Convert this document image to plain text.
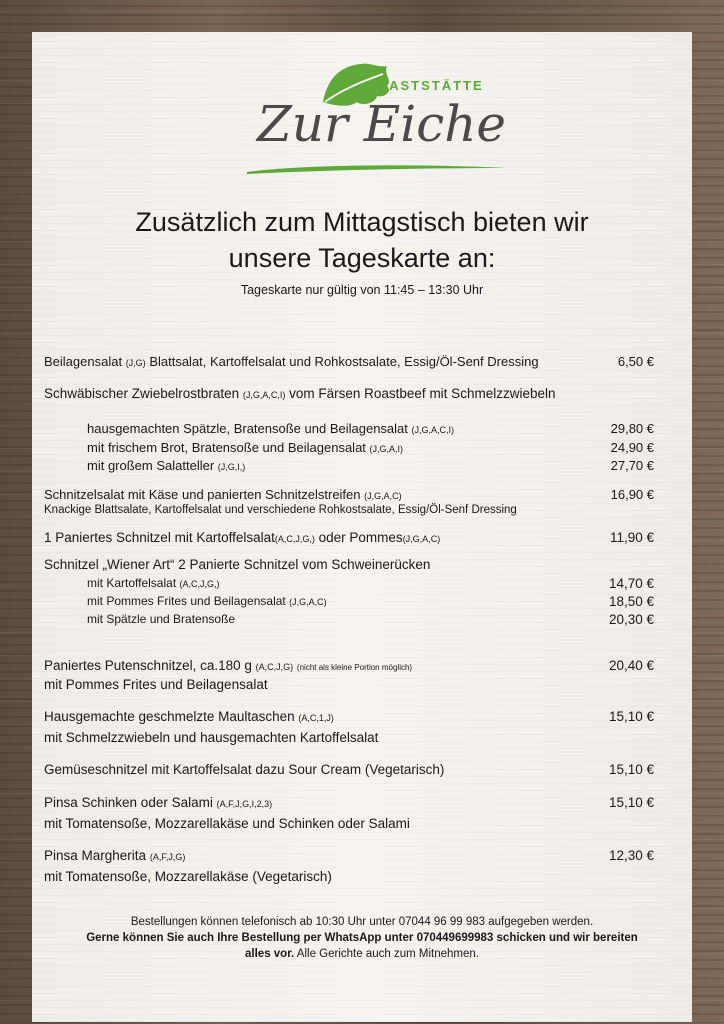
GASTSTÄTTE
Zur Eiche
Zusätzlich zum Mittagstisch bieten wir
unsere Tageskarte an:
Tageskarte nur gültig von 11:45 – 13:30 Uhr
Beilagensalat (J,G) Blattsalat, Kartoffelsalat und Rohkostsalate, Essig/Öl-Senf Dressing	6,50 €
Schwäbischer Zwiebelrostbraten (J,G,A,C,I) vom Färsen Roastbeef mit Schmelzzwiebeln
hausgemachten Spätzle, Bratensoße und Beilagensalat (J,G,A,C,I)	29,80 €
mit frischem Brot, Bratensoße und Beilagensalat (J,G,A,I)	24,90 €
mit großem Salatteller (J,G,I,)	27,70 €
Schnitzelsalat mit Käse und panierten Schnitzelstreifen (J,G,A,C)	16,90 €
Knackige Blattsalate, Kartoffelsalat und verschiedene Rohkostsalate, Essig/Öl-Senf Dressing
1 Paniertes Schnitzel mit Kartoffelsalat(A,C,J,G,) oder Pommes(J,G,A,C)	11,90 €
Schnitzel „Wiener Art“ 2 Panierte Schnitzel vom Schweinerücken
mit Kartoffelsalat (A,C,J,G,)	14,70 €
mit Pommes Frites und Beilagensalat (J,G,A,C)	18,50 €
mit Spätzle und Bratensoße	20,30 €
Paniertes Putenschnitzel, ca.180 g (A,C,J,G) (nicht als kleine Portion möglich)	20,40 €
mit Pommes Frites und Beilagensalat
Hausgemachte geschmelzte Maultaschen (A,C,1,J)	15,10 €
mit Schmelzzwiebeln und hausgemachten Kartoffelsalat
Gemüseschnitzel mit Kartoffelsalat dazu Sour Cream (Vegetarisch)	15,10 €
Pinsa Schinken oder Salami (A,F,J,G,I,2,3)	15,10 €
mit Tomatensoße, Mozzarellakäse und Schinken oder Salami
Pinsa Margherita (A,F,J,G)	12,30 €
mit Tomatensoße, Mozzarellakäse (Vegetarisch)
Bestellungen können telefonisch ab 10:30 Uhr unter 07044 96 99 983 aufgegeben werden.
Gerne können Sie auch Ihre Bestellung per WhatsApp unter 070449699983 schicken und wir bereiten
alles vor. Alle Gerichte auch zum Mitnehmen.
